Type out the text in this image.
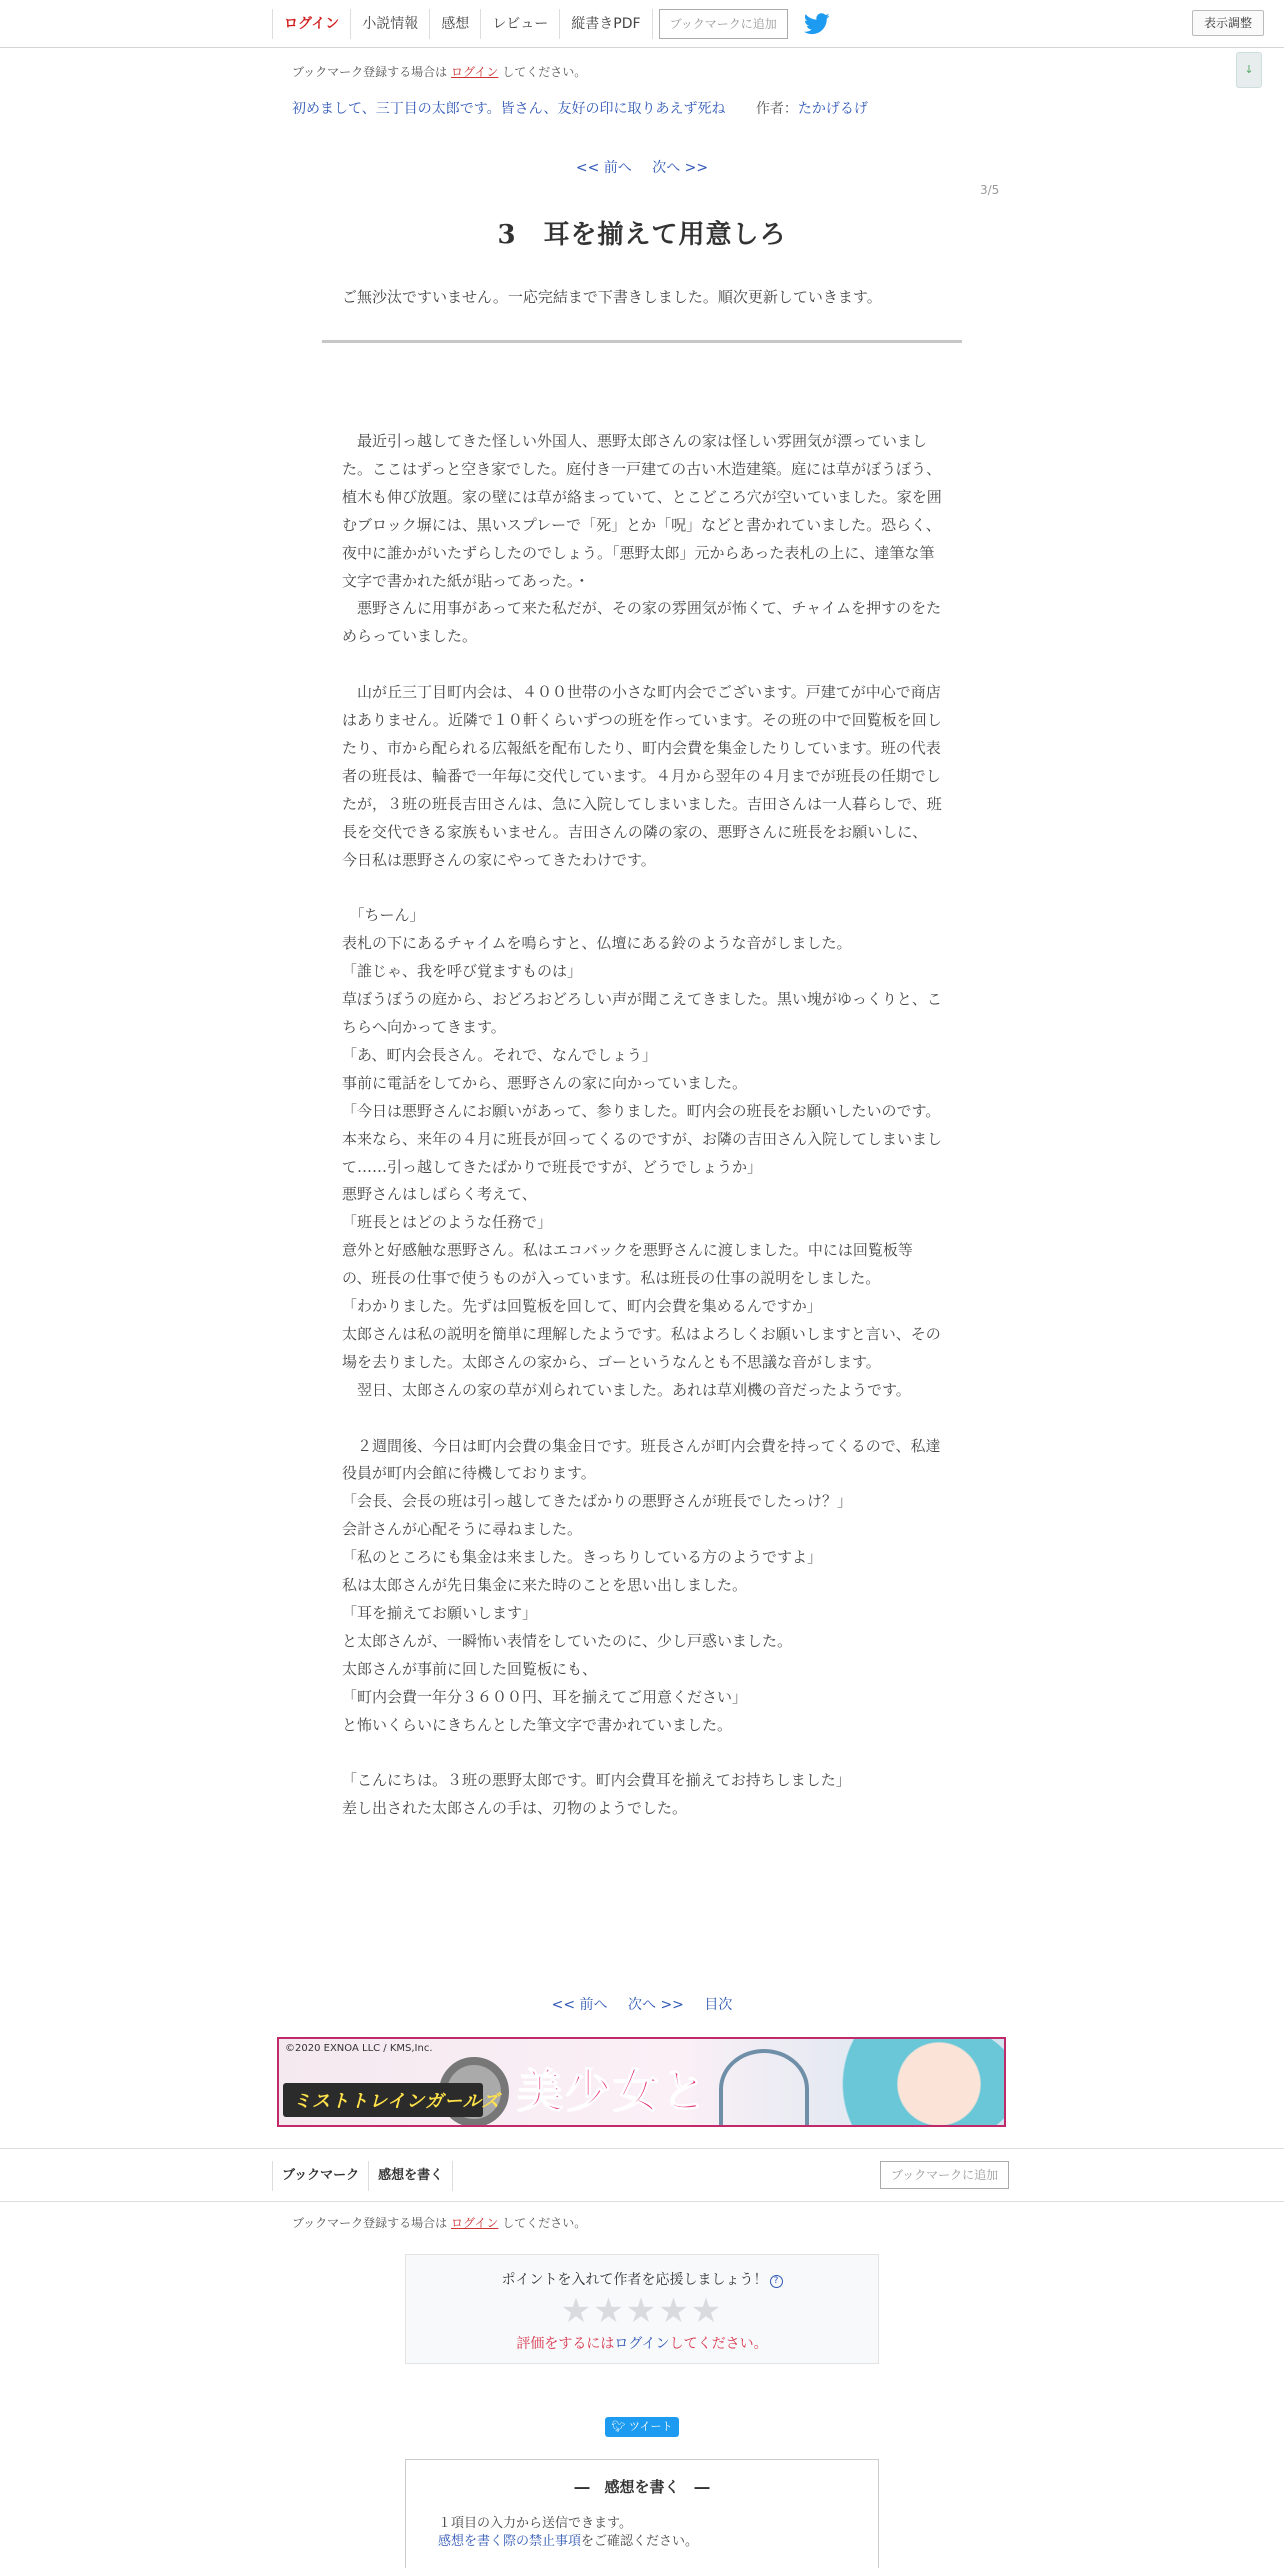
ログイン	小説情報	感想	レビュー	縦書きPDF	ブックマークに追加	表示調整
↓
ブックマーク登録する場合は ログイン してください。
初めまして、三丁目の太郎です。皆さん、友好の印に取りあえず死ね 作者：たかげるげ
<< 前へ 次へ >>
3/5
3　耳を揃えて用意しろ
ご無沙汰ですいません。一応完結まで下書きしました。順次更新していきます。

　最近引っ越してきた怪しい外国人、悪野太郎さんの家は怪しい雰囲気が漂っていました。ここはずっと空き家でした。庭付き一戸建ての古い木造建築。庭には草がぼうぼう、植木も伸び放題。家の壁には草が絡まっていて、とこどころ穴が空いていました。家を囲むブロック塀には、黒いスプレーで「死」とか「呪」などと書かれていました。恐らく、夜中に誰かがいたずらしたのでしょう。「悪野太郎」元からあった表札の上に、達筆な筆文字で書かれた紙が貼ってあった。・

　悪野さんに用事があって来た私だが、その家の雰囲気が怖くて、チャイムを押すのをためらっていました。

　山が丘三丁目町内会は、４００世帯の小さな町内会でございます。戸建てが中心で商店はありません。近隣で１０軒くらいずつの班を作っています。その班の中で回覧板を回したり、市から配られる広報紙を配布したり、町内会費を集金したりしています。班の代表者の班長は、輪番で一年毎に交代しています。４月から翌年の４月までが班長の任期でしたが，３班の班長吉田さんは、急に入院してしまいました。吉田さんは一人暮らしで、班長を交代できる家族もいません。吉田さんの隣の家の、悪野さんに班長をお願いしに、今日私は悪野さんの家にやってきたわけです。

　「ちーん」

表札の下にあるチャイムを鳴らすと、仏壇にある鈴のような音がしました。

「誰じゃ、我を呼び覚ますものは」

草ぼうぼうの庭から、おどろおどろしい声が聞こえてきました。黒い塊がゆっくりと、こちらへ向かってきます。

「あ、町内会長さん。それで、なんでしょう」

事前に電話をしてから、悪野さんの家に向かっていました。

「今日は悪野さんにお願いがあって、参りました。町内会の班長をお願いしたいのです。本来なら、来年の４月に班長が回ってくるのですが、お隣の吉田さん入院してしまいまして……引っ越してきたばかりで班長ですが、どうでしょうか」

悪野さんはしばらく考えて、

「班長とはどのような任務で」

意外と好感触な悪野さん。私はエコバックを悪野さんに渡しました。中には回覧板等の、班長の仕事で使うものが入っています。私は班長の仕事の説明をしました。

「わかりました。先ずは回覧板を回して、町内会費を集めるんですか」

太郎さんは私の説明を簡単に理解したようです。私はよろしくお願いしますと言い、その場を去りました。太郎さんの家から、ゴーというなんとも不思議な音がします。

　翌日、太郎さんの家の草が刈られていました。あれは草刈機の音だったようです。

　２週間後、今日は町内会費の集金日です。班長さんが町内会費を持ってくるので、私達役員が町内会館に待機しております。

「会長、会長の班は引っ越してきたばかりの悪野さんが班長でしたっけ？」

会計さんが心配そうに尋ねました。

「私のところにも集金は来ました。きっちりしている方のようですよ」

私は太郎さんが先日集金に来た時のことを思い出しました。

「耳を揃えてお願いします」

と太郎さんが、一瞬怖い表情をしていたのに、少し戸惑いました。

太郎さんが事前に回した回覧板にも、

「町内会費一年分３６００円、耳を揃えてご用意ください」

と怖いくらいにきちんとした筆文字で書かれていました。

「こんにちは。３班の悪野太郎です。町内会費耳を揃えてお持ちしました」

差し出された太郎さんの手は、刃物のようでした。

<< 前へ 次へ >> 目次
ミストトレインガールズ
©2020 EXNOA LLC / KMS,Inc.
美少女と
ブックマーク	感想を書く	ブックマークに追加
ブックマーク登録する場合は ログイン してください。
ポイントを入れて作者を応援しましょう！ ?
★★★★★
評価をするにはログインしてください。
🐦︎ ツイート
―　感想を書く　―
１項目の入力から送信できます。
感想を書く際の禁止事項をご確認ください。
